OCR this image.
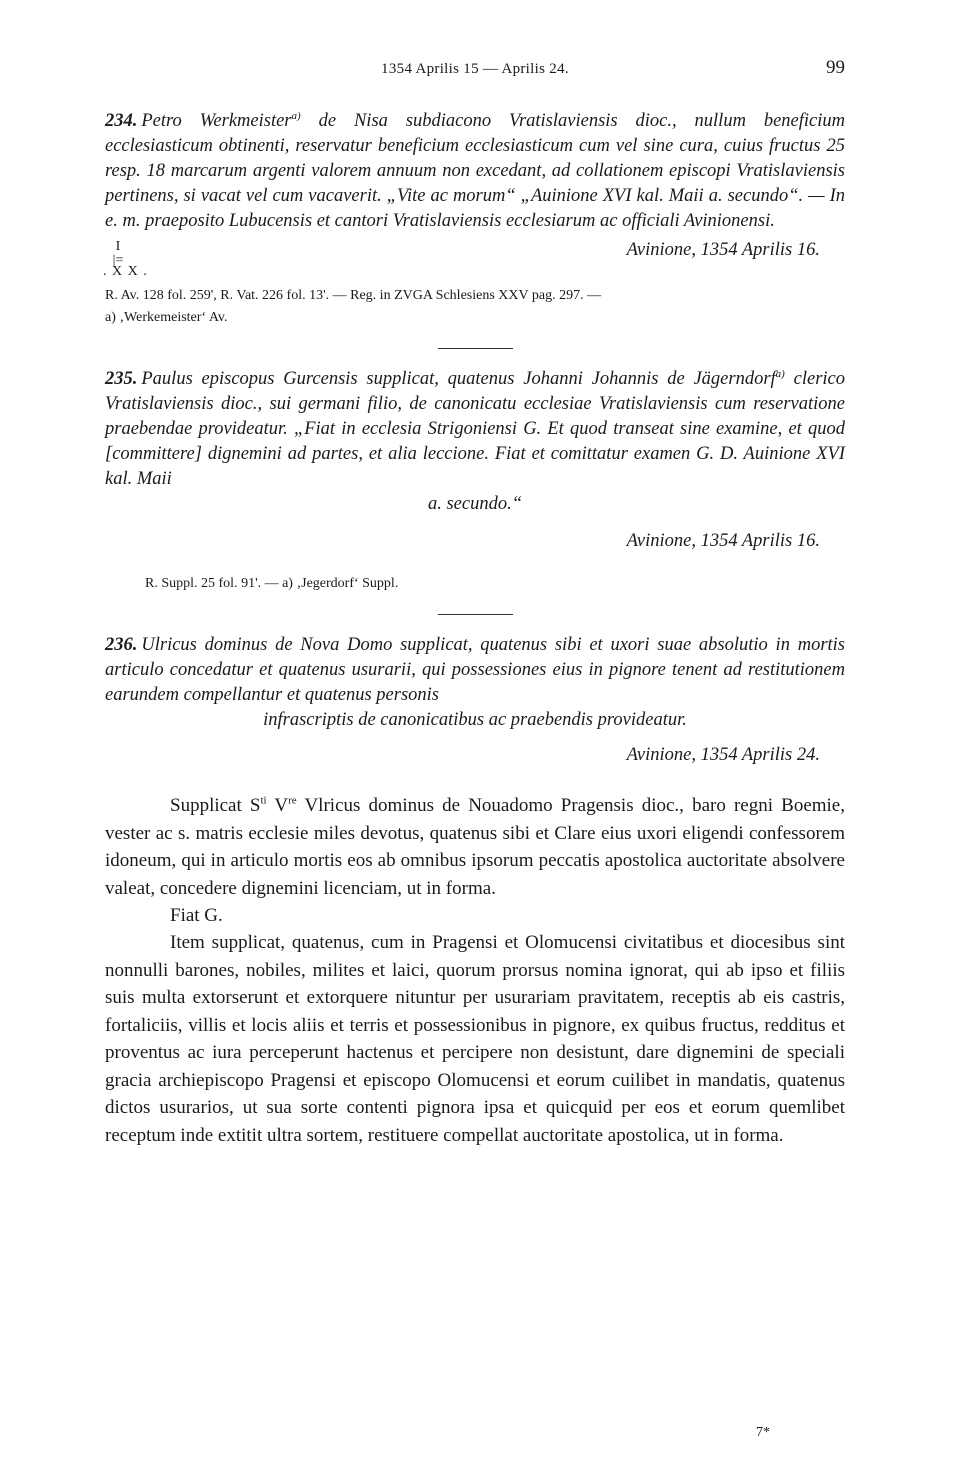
1354 Aprilis 15 — Aprilis 24.	99

234. Petro Werkmeister$^{a)}$ de Nisa subdiacono Vratislaviensis dioc., nullum beneficium ecclesiasticum obtinenti, reservatur beneficium ecclesiasticum cum vel sine cura, cuius fructus 25 resp. 18 marcarum argenti valorem annuum non excedant, ad collationem episcopi Vratislaviensis pertinens, si vacat vel cum vacaverit. „Vite ac morum“ „Auinione XVI kal. Maii a. secundo“. — In e. m. praeposito Lubucensis et cantori Vratislaviensis ecclesiarum ac officiali Avinionensi.

I
|=
. X X .

Avinione, 1354 Aprilis 16.

R. Av. 128 fol. 259', R. Vat. 226 fol. 13'. — Reg. in ZVGA Schlesiens XXV pag. 297. —

a) ‚Werkemeister‘ Av.

235. Paulus episcopus Gurcensis supplicat, quatenus Johanni Johannis de Jägerndorf$^{a)}$ clerico Vratislaviensis dioc., sui germani filio, de canonicatu ecclesiae Vratislaviensis cum reservatione praebendae provideatur. „Fiat in ecclesia Strigoniensi G. Et quod transeat sine examine, et quod [committere] dignemini ad partes, et alia leccione. Fiat et comittatur examen G. D. Auinione XVI kal. Maii

a. secundo.“

Avinione, 1354 Aprilis 16.

R. Suppl. 25 fol. 91'. — a) ‚Jegerdorf‘ Suppl.

236. Ulricus dominus de Nova Domo supplicat, quatenus sibi et uxori suae absolutio in mortis articulo concedatur et quatenus usurarii, qui possessiones eius in pignore tenent ad restitutionem earundem compellantur et quatenus personis

infrascriptis de canonicatibus ac praebendis provideatur.

Avinione, 1354 Aprilis 24.

Supplicat $S^{ti}$ Vre Vlricus dominus de Nouadomo Pragensis dioc., baro regni Boemie, vester ac s. matris ecclesie miles devotus, quatenus sibi et Clare eius uxori eligendi confessorem idoneum, qui in articulo mortis eos ab omnibus ipsorum peccatis apostolica auctoritate absolvere valeat, concedere dignemini licenciam, ut in forma.

Fiat G.

Item supplicat, quatenus, cum in Pragensi et Olomucensi civitatibus et diocesibus sint nonnulli barones, nobiles, milites et laici, quorum prorsus nomina ignorat, qui ab ipso et filiis suis multa extorserunt et extorquere nituntur per usurariam pravitatem, receptis ab eis castris, fortaliciis, villis et locis aliis et terris et possessionibus in pignore, ex quibus fructus, redditus et proventus ac iura perceperunt hactenus et percipere non desistunt, dare dignemini de speciali gracia archiepiscopo Pragensi et episcopo Olomucensi et eorum cuilibet in mandatis, quatenus dictos usurarios, ut sua sorte contenti pignora ipsa et quicquid per eos et eorum quemlibet receptum inde extitit ultra sortem, restituere compellat auctoritate apostolica, ut in forma.

7*
